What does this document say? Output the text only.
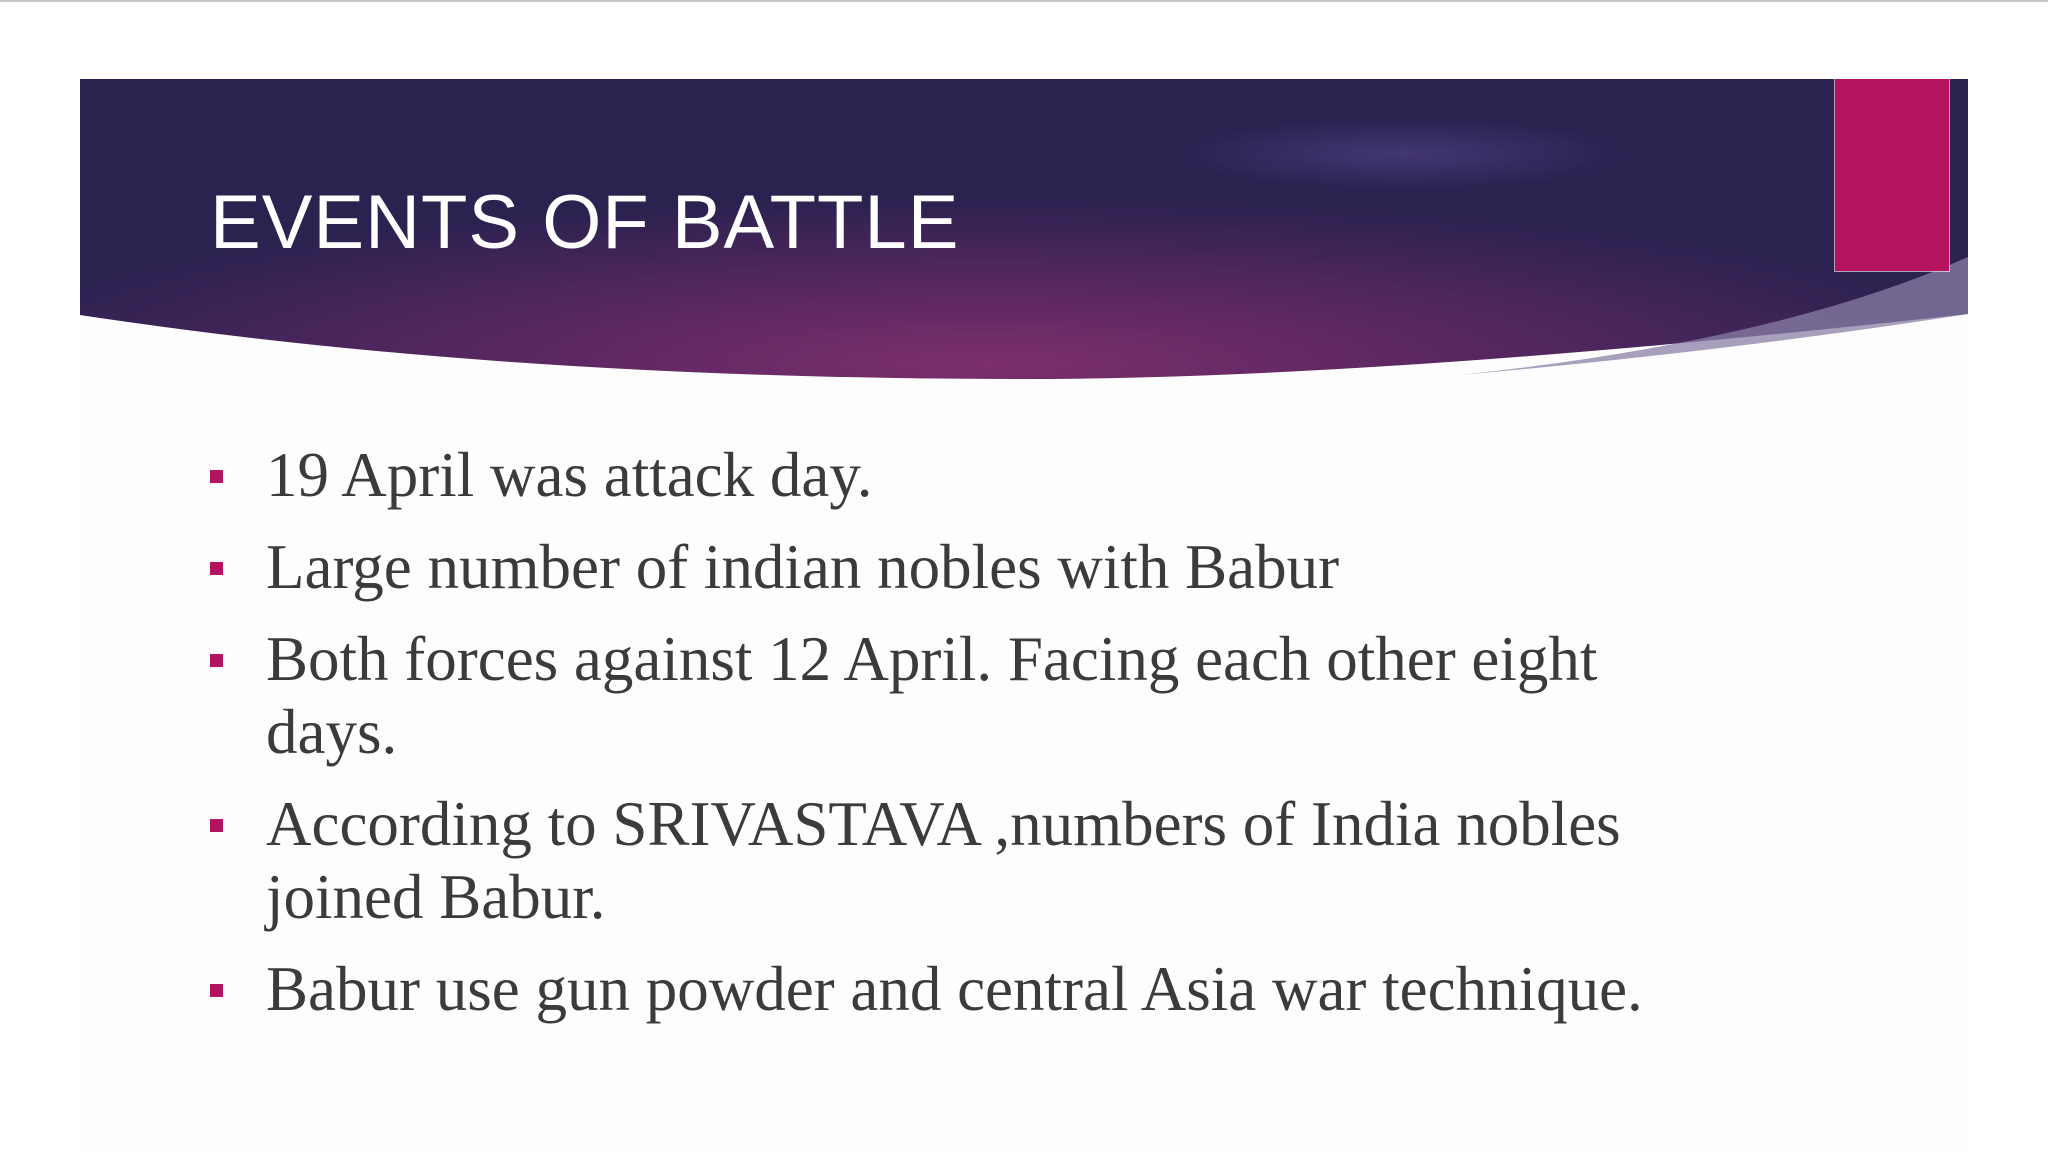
EVENTS OF BATTLE
19 April was attack day.
Large number of indian nobles with Babur
Both forces against 12 April. Facing each other eight days.
According to SRIVASTAVA ,numbers of India nobles joined Babur.
Babur use gun powder and central Asia war technique.
